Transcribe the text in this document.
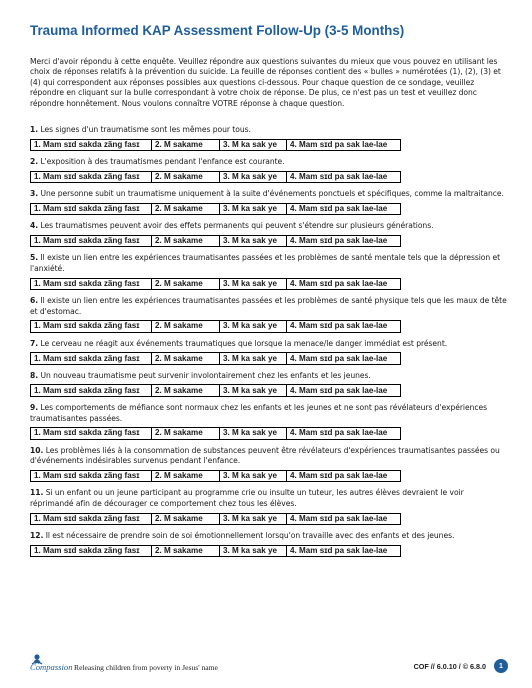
Trauma Informed KAP Assessment Follow-Up (3-5 Months)

Merci d'avoir répondu à cette enquête. Veuillez répondre aux questions suivantes du mieux que vous pouvez en utilisant les choix de réponses relatifs à la prévention du suicide. La feuille de réponses contient des « bulles » numérotées (1), (2), (3) et (4) qui correspondent aux réponses possibles aux questions ci-dessous. Pour chaque question de ce sondage, veuillez répondre en cliquant sur la bulle correspondant à votre choix de réponse. De plus, ce n'est pas un test et veuillez donc répondre honnêtement. Nous voulons connaître VOTRE réponse à chaque question.

1. Les signes d'un traumatisme sont les mêmes pour tous.
1. Mam sɪd sakda zãng fasɪ	2. M sakame	3. M ka sak ye	4. Mam sɪd pa sak lae-lae
2. L'exposition à des traumatismes pendant l'enfance est courante.
1. Mam sɪd sakda zãng fasɪ	2. M sakame	3. M ka sak ye	4. Mam sɪd pa sak lae-lae
3. Une personne subit un traumatisme uniquement à la suite d'événements ponctuels et spécifiques, comme la maltraitance.
1. Mam sɪd sakda zãng fasɪ	2. M sakame	3. M ka sak ye	4. Mam sɪd pa sak lae-lae
4. Les traumatismes peuvent avoir des effets permanents qui peuvent s'étendre sur plusieurs générations.
1. Mam sɪd sakda zãng fasɪ	2. M sakame	3. M ka sak ye	4. Mam sɪd pa sak lae-lae
5. Il existe un lien entre les expériences traumatisantes passées et les problèmes de santé mentale tels que la dépression et l'anxiété.
1. Mam sɪd sakda zãng fasɪ	2. M sakame	3. M ka sak ye	4. Mam sɪd pa sak lae-lae
6. Il existe un lien entre les expériences traumatisantes passées et les problèmes de santé physique tels que les maux de tête et d'estomac.
1. Mam sɪd sakda zãng fasɪ	2. M sakame	3. M ka sak ye	4. Mam sɪd pa sak lae-lae
7. Le cerveau ne réagit aux événements traumatiques que lorsque la menace/le danger immédiat est présent.
1. Mam sɪd sakda zãng fasɪ	2. M sakame	3. M ka sak ye	4. Mam sɪd pa sak lae-lae
8. Un nouveau traumatisme peut survenir involontairement chez les enfants et les jeunes.
1. Mam sɪd sakda zãng fasɪ	2. M sakame	3. M ka sak ye	4. Mam sɪd pa sak lae-lae
9. Les comportements de méfiance sont normaux chez les enfants et les jeunes et ne sont pas révélateurs d'expériences traumatisantes passées.
1. Mam sɪd sakda zãng fasɪ	2. M sakame	3. M ka sak ye	4. Mam sɪd pa sak lae-lae
10. Les problèmes liés à la consommation de substances peuvent être révélateurs d'expériences traumatisantes passées ou d'événements indésirables survenus pendant l'enfance.
1. Mam sɪd sakda zãng fasɪ	2. M sakame	3. M ka sak ye	4. Mam sɪd pa sak lae-lae
11. Si un enfant ou un jeune participant au programme crie ou insulte un tuteur, les autres élèves devraient le voir réprimandé afin de décourager ce comportement chez tous les élèves.
1. Mam sɪd sakda zãng fasɪ	2. M sakame	3. M ka sak ye	4. Mam sɪd pa sak lae-lae
12. Il est nécessaire de prendre soin de soi émotionnellement lorsqu'on travaille avec des enfants et des jeunes.
1. Mam sɪd sakda zãng fasɪ	2. M sakame	3. M ka sak ye	4. Mam sɪd pa sak lae-lae
Compassion Releasing children from poverty in Jesus' name	COF // 6.0.10 / © 6.8.0	1
